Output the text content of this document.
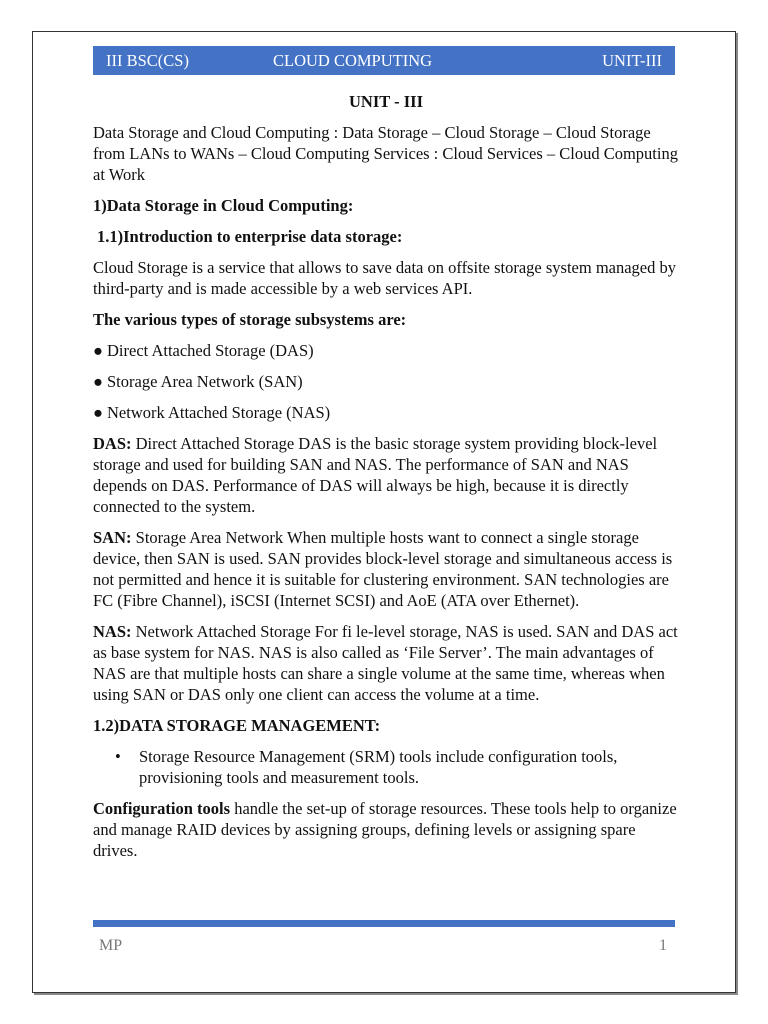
III BSC(CS)	CLOUD COMPUTING	UNIT-III

UNIT - III

Data Storage and Cloud Computing : Data Storage – Cloud Storage – Cloud Storage from LANs to WANs – Cloud Computing Services : Cloud Services – Cloud Computing at Work

1)Data Storage in Cloud Computing:

1.1)Introduction to enterprise data storage:

Cloud Storage is a service that allows to save data on offsite storage system managed by third-party and is made accessible by a web services API.

The various types of storage subsystems are:

● Direct Attached Storage (DAS)

● Storage Area Network (SAN)

● Network Attached Storage (NAS)

DAS: Direct Attached Storage DAS is the basic storage system providing block-level storage and used for building SAN and NAS. The performance of SAN and NAS depends on DAS. Performance of DAS will always be high, because it is directly connected to the system.

SAN: Storage Area Network When multiple hosts want to connect a single storage device, then SAN is used. SAN provides block-level storage and simultaneous access is not permitted and hence it is suitable for clustering environment. SAN technologies are FC (Fibre Channel), iSCSI (Internet SCSI) and AoE (ATA over Ethernet).

NAS: Network Attached Storage For fi le-level storage, NAS is used. SAN and DAS act as base system for NAS. NAS is also called as ‘File Server’. The main advantages of NAS are that multiple hosts can share a single volume at the same time, whereas when using SAN or DAS only one client can access the volume at a time.

1.2)DATA STORAGE MANAGEMENT:

• Storage Resource Management (SRM) tools include configuration tools, provisioning tools and measurement tools.

Configuration tools handle the set-up of storage resources. These tools help to organize and manage RAID devices by assigning groups, defining levels or assigning spare drives.

MP	1
